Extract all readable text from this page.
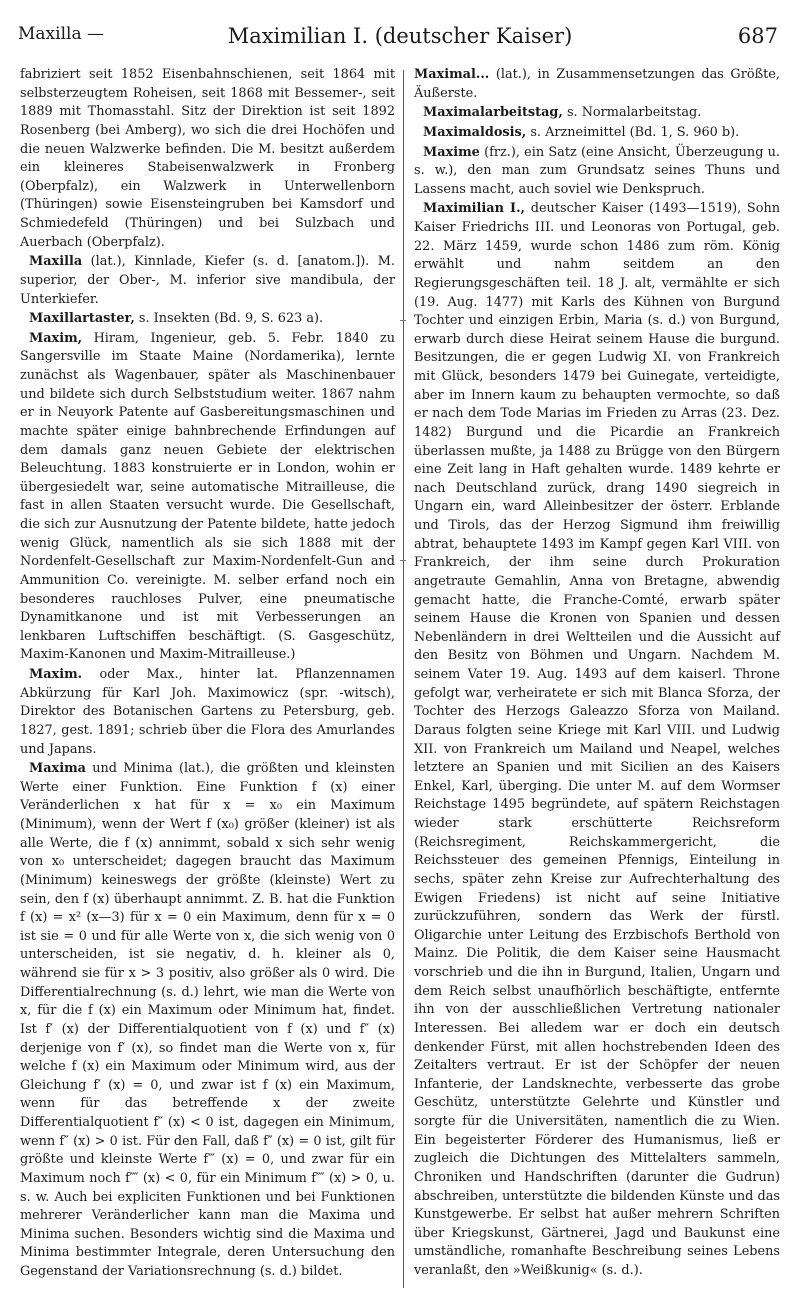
Maxilla —	Maximilian I. (deutscher Kaiser)	687

fabriziert seit 1852 Eisenbahnschienen, seit 1864 mit selbsterzeugtem Roheisen, seit 1868 mit Bessemer-, seit 1889 mit Thomasstahl. Sitz der Direktion ist seit 1892 Rosenberg (bei Amberg), wo sich die drei Hochöfen und die neuen Walzwerke befinden. Die M. besitzt außerdem ein kleineres Stabeisenwalzwerk in Fronberg (Oberpfalz), ein Walzwerk in Unterwellenborn (Thüringen) sowie Eisensteingruben bei Kamsdorf und Schmiedefeld (Thüringen) und bei Sulzbach und Auerbach (Oberpfalz).

Maxilla (lat.), Kinnlade, Kiefer (s. d. [anatom.]). M. superior, der Ober-, M. inferior sive mandibula, der Unterkiefer.

Maxillartaster, s. Insekten (Bd. 9, S. 623 a).

Maxim, Hiram, Ingenieur, geb. 5. Febr. 1840 zu Sangersville im Staate Maine (Nordamerika), lernte zunächst als Wagenbauer, später als Maschinenbauer und bildete sich durch Selbststudium weiter. 1867 nahm er in Neuyork Patente auf Gasbereitungsmaschinen und machte später einige bahnbrechende Erfindungen auf dem damals ganz neuen Gebiete der elektrischen Beleuchtung. 1883 konstruierte er in London, wohin er übergesiedelt war, seine automatische Mitrailleuse, die fast in allen Staaten versucht wurde. Die Gesellschaft, die sich zur Ausnutzung der Patente bildete, hatte jedoch wenig Glück, namentlich als sie sich 1888 mit der Nordenfelt-Gesellschaft zur Maxim-Nordenfelt-Gun and Ammunition Co. vereinigte. M. selber erfand noch ein besonderes rauchloses Pulver, eine pneumatische Dynamitkanone und ist mit Verbesserungen an lenkbaren Luftschiffen beschäftigt. (S. Gasgeschütz, Maxim-Kanonen und Maxim-Mitrailleuse.)

Maxim. oder Max., hinter lat. Pflanzennamen Abkürzung für Karl Joh. Maximowicz (spr. -witsch), Direktor des Botanischen Gartens zu Petersburg, geb. 1827, gest. 1891; schrieb über die Flora des Amurlandes und Japans.

Maxima und Minima (lat.), die größten und kleinsten Werte einer Funktion. Eine Funktion f (x) einer Veränderlichen x hat für x = x₀ ein Maximum (Minimum), wenn der Wert f (x₀) größer (kleiner) ist als alle Werte, die f (x) annimmt, sobald x sich sehr wenig von x₀ unterscheidet; dagegen braucht das Maximum (Minimum) keineswegs der größte (kleinste) Wert zu sein, den f (x) überhaupt annimmt. Z. B. hat die Funktion f (x) = x² (x—3) für x = 0 ein Maximum, denn für x = 0 ist sie = 0 und für alle Werte von x, die sich wenig von 0 unterscheiden, ist sie negativ, d. h. kleiner als 0, während sie für x > 3 positiv, also größer als 0 wird. Die Differentialrechnung (s. d.) lehrt, wie man die Werte von x, für die f (x) ein Maximum oder Minimum hat, findet. Ist f′ (x) der Differentialquotient von f (x) und f″ (x) derjenige von f′ (x), so findet man die Werte von x, für welche f (x) ein Maximum oder Minimum wird, aus der Gleichung f′ (x) = 0, und zwar ist f (x) ein Maximum, wenn für das betreffende x der zweite Differentialquotient f″ (x) < 0 ist, dagegen ein Minimum, wenn f″ (x) > 0 ist. Für den Fall, daß f″ (x) = 0 ist, gilt für größte und kleinste Werte f‴ (x) = 0, und zwar für ein Maximum noch f⁗ (x) < 0, für ein Minimum f⁗ (x) > 0, u. s. w. Auch bei expliciten Funktionen und bei Funktionen mehrerer Veränderlicher kann man die Maxima und Minima suchen. Besonders wichtig sind die Maxima und Minima bestimmter Integrale, deren Untersuchung den Gegenstand der Variationsrechnung (s. d.) bildet.

Maximal... (lat.), in Zusammensetzungen das Größte, Äußerste.

Maximalarbeitstag, s. Normalarbeitstag.

Maximaldosis, s. Arzneimittel (Bd. 1, S. 960 b).

Maxime (frz.), ein Satz (eine Ansicht, Überzeugung u. s. w.), den man zum Grundsatz seines Thuns und Lassens macht, auch soviel wie Denkspruch.

Maximilian I., deutscher Kaiser (1493—1519), Sohn Kaiser Friedrichs III. und Leonoras von Portugal, geb. 22. März 1459, wurde schon 1486 zum röm. König erwählt und nahm seitdem an den Regierungsgeschäften teil. 18 J. alt, vermählte er sich (19. Aug. 1477) mit Karls des Kühnen von Burgund Tochter und einzigen Erbin, Maria (s. d.) von Burgund, erwarb durch diese Heirat seinem Hause die burgund. Besitzungen, die er gegen Ludwig XI. von Frankreich mit Glück, besonders 1479 bei Guinegate, verteidigte, aber im Innern kaum zu behaupten vermochte, so daß er nach dem Tode Marias im Frieden zu Arras (23. Dez. 1482) Burgund und die Picardie an Frankreich überlassen mußte, ja 1488 zu Brügge von den Bürgern eine Zeit lang in Haft gehalten wurde. 1489 kehrte er nach Deutschland zurück, drang 1490 siegreich in Ungarn ein, ward Alleinbesitzer der österr. Erblande und Tirols, das der Herzog Sigmund ihm freiwillig abtrat, behauptete 1493 im Kampf gegen Karl VIII. von Frankreich, der ihm seine durch Prokuration angetraute Gemahlin, Anna von Bretagne, abwendig gemacht hatte, die Franche-Comté, erwarb später seinem Hause die Kronen von Spanien und dessen Nebenländern in drei Weltteilen und die Aussicht auf den Besitz von Böhmen und Ungarn. Nachdem M. seinem Vater 19. Aug. 1493 auf dem kaiserl. Throne gefolgt war, verheiratete er sich mit Blanca Sforza, der Tochter des Herzogs Galeazzo Sforza von Mailand. Daraus folgten seine Kriege mit Karl VIII. und Ludwig XII. von Frankreich um Mailand und Neapel, welches letztere an Spanien und mit Sicilien an des Kaisers Enkel, Karl, überging. Die unter M. auf dem Wormser Reichstage 1495 begründete, auf spätern Reichstagen wieder stark erschütterte Reichsreform (Reichsregiment, Reichskammergericht, die Reichssteuer des gemeinen Pfennigs, Einteilung in sechs, später zehn Kreise zur Aufrechterhaltung des Ewigen Friedens) ist nicht auf seine Initiative zurückzuführen, sondern das Werk der fürstl. Oligarchie unter Leitung des Erzbischofs Berthold von Mainz. Die Politik, die dem Kaiser seine Hausmacht vorschrieb und die ihn in Burgund, Italien, Ungarn und dem Reich selbst unaufhörlich beschäftigte, entfernte ihn von der ausschließlichen Vertretung nationaler Interessen. Bei alledem war er doch ein deutsch denkender Fürst, mit allen hochstrebenden Ideen des Zeitalters vertraut. Er ist der Schöpfer der neuen Infanterie, der Landsknechte, verbesserte das grobe Geschütz, unterstützte Gelehrte und Künstler und sorgte für die Universitäten, namentlich die zu Wien. Ein begeisterter Förderer des Humanismus, ließ er zugleich die Dichtungen des Mittelalters sammeln, Chroniken und Handschriften (darunter die Gudrun) abschreiben, unterstützte die bildenden Künste und das Kunstgewerbe. Er selbst hat außer mehrern Schriften über Kriegskunst, Gärtnerei, Jagd und Baukunst eine umständliche, romanhafte Beschreibung seines Lebens veranlaßt, den »Weißkunig« (s. d.).
